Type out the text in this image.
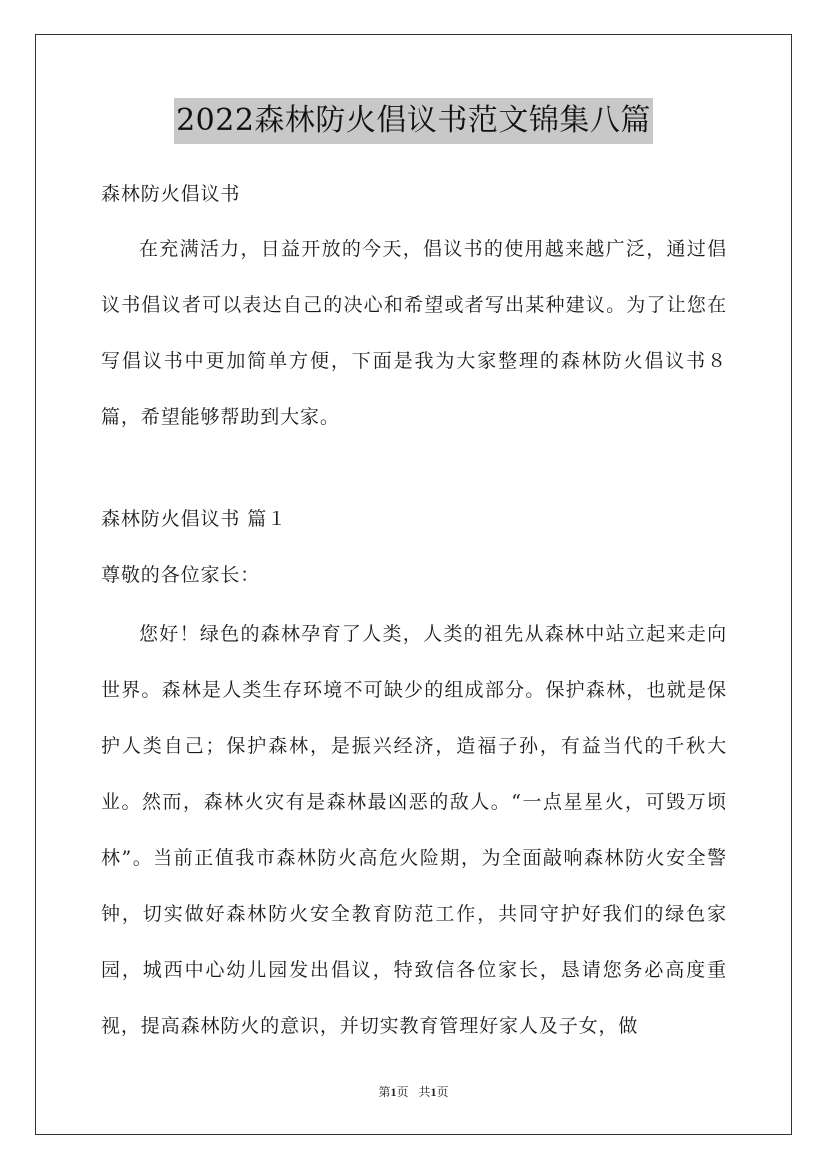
2022森林防火倡议书范文锦集八篇
森林防火倡议书
在充满活力，日益开放的今天，倡议书的使用越来越广泛，通过倡议书倡议者可以表达自己的决心和希望或者写出某种建议。为了让您在写倡议书中更加简单方便，下面是我为大家整理的森林防火倡议书８篇，希望能够帮助到大家。
森林防火倡议书 篇１
尊敬的各位家长：
您好！绿色的森林孕育了人类，人类的祖先从森林中站立起来走向世界。森林是人类生存环境不可缺少的组成部分。保护森林，也就是保护人类自己；保护森林，是振兴经济，造福子孙，有益当代的千秋大业。然而，森林火灾有是森林最凶恶的敌人。“一点星星火，可毁万顷林”。当前正值我市森林防火高危火险期，为全面敲响森林防火安全警钟，切实做好森林防火安全教育防范工作，共同守护好我们的绿色家园，城西中心幼儿园发出倡议，特致信各位家长，恳请您务必高度重视，提高森林防火的意识，并切实教育管理好家人及子女，做
第1页 共1页
